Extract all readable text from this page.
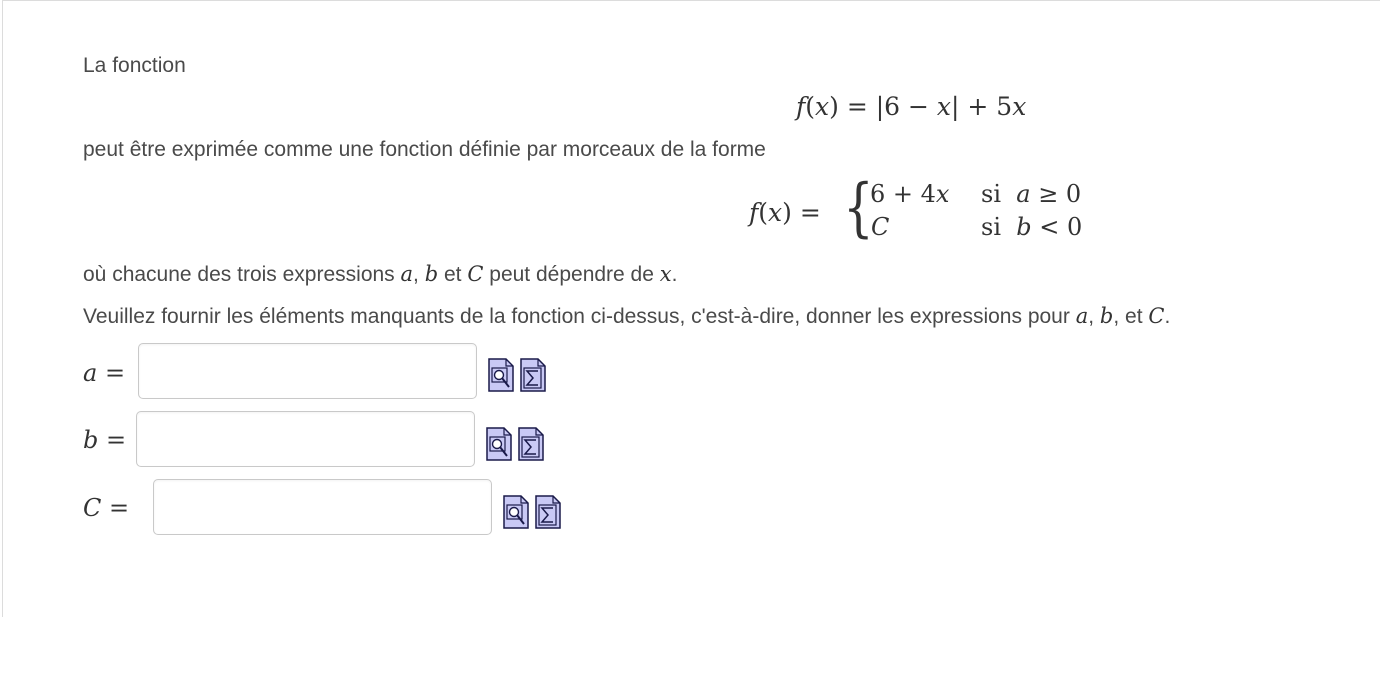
La fonction
f(x) = |6 − x| + 5x
peut être exprimée comme une fonction définie par morceaux de la forme
f(x) = {
6 + 4x si  a ≥ 0
C	si  b < 0
où chacune des trois expressions a, b et C peut dépendre de x.
Veuillez fournir les éléments manquants de la fonction ci-dessus, c'est-à-dire, donner les expressions pour a, b, et C.
a =
b =
C =
